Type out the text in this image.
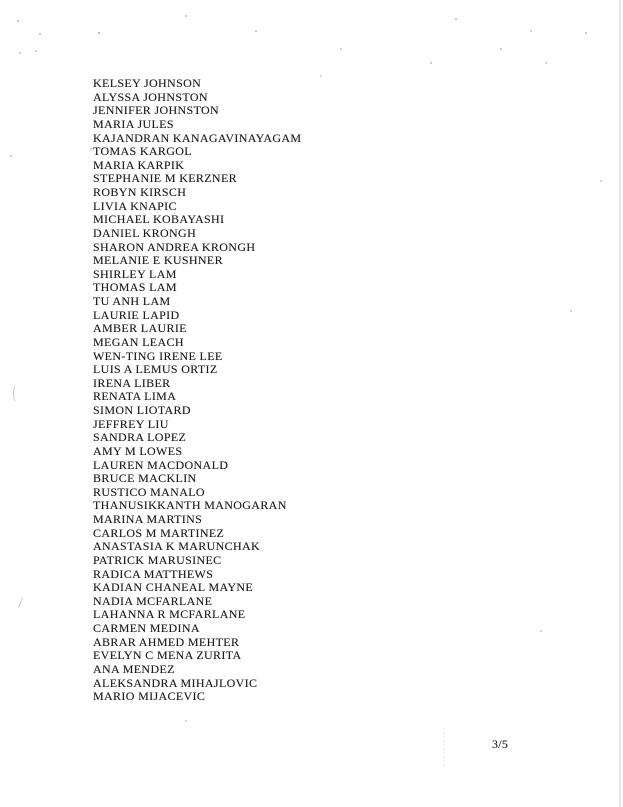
KELSEY JOHNSON
ALYSSA JOHNSTON
JENNIFER JOHNSTON
MARIA JULES
KAJANDRAN KANAGAVINAYAGAM
TOMAS KARGOL
MARIA KARPIK
STEPHANIE M KERZNER
ROBYN KIRSCH
LIVIA KNAPIC
MICHAEL KOBAYASHI
DANIEL KRONGH
SHARON ANDREA KRONGH
MELANIE E KUSHNER
SHIRLEY LAM
THOMAS LAM
TU ANH LAM
LAURIE LAPID
AMBER LAURIE
MEGAN LEACH
WEN-TING IRENE LEE
LUIS A LEMUS ORTIZ
IRENA LIBER
RENATA LIMA
SIMON LIOTARD
JEFFREY LIU
SANDRA LOPEZ
AMY M LOWES
LAUREN MACDONALD
BRUCE MACKLIN
RUSTICO MANALO
THANUSIKKANTH MANOGARAN
MARINA MARTINS
CARLOS M MARTINEZ
ANASTASIA K MARUNCHAK
PATRICK MARUSINEC
RADICA MATTHEWS
KADIAN CHANEAL MAYNE
NADIA MCFARLANE
LAHANNA R MCFARLANE
CARMEN MEDINA
ABRAR AHMED MEHTER
EVELYN C MENA ZURITA
ANA MENDEZ
ALEKSANDRA MIHAJLOVIC
MARIO MIJACEVIC
3/5
